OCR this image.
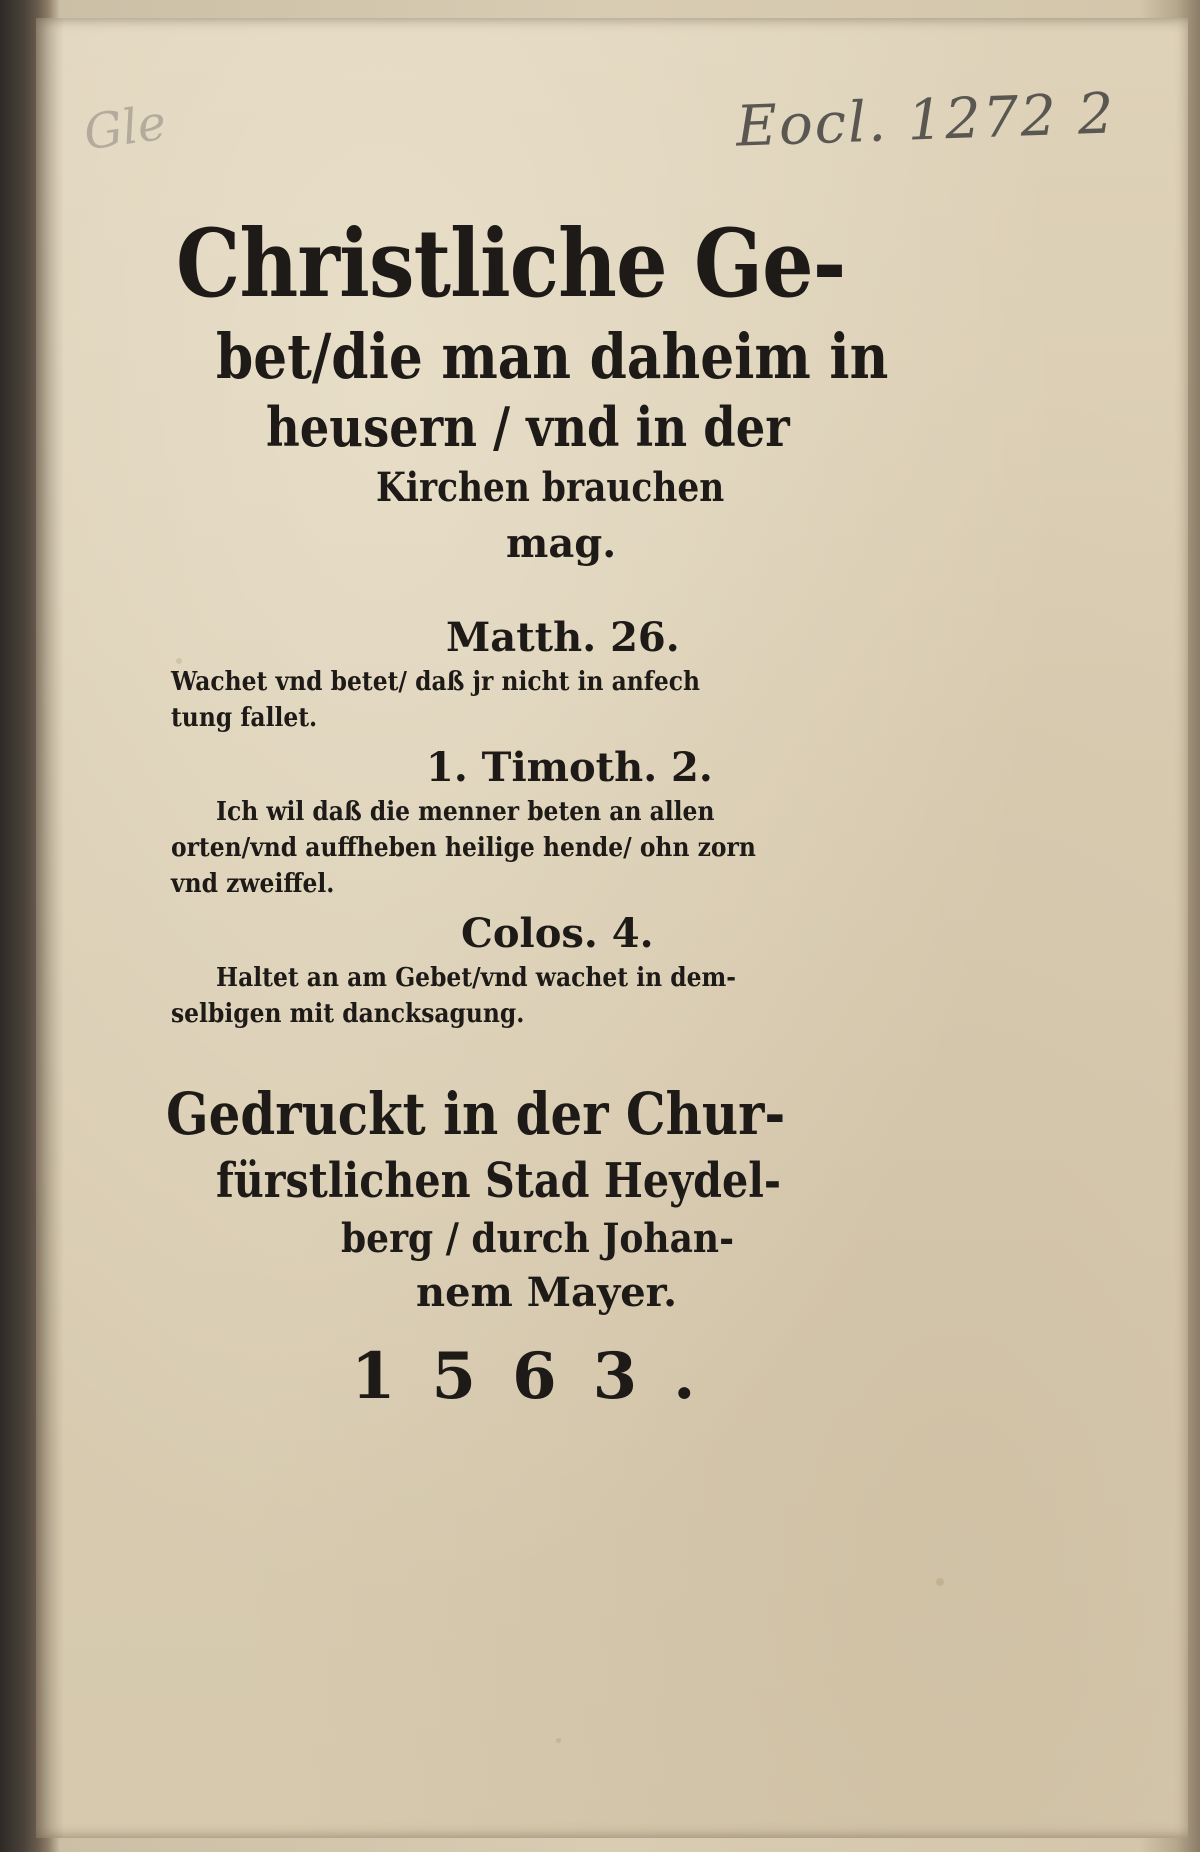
Gle	Eocl. 1272 2
Christliche Ge-
bet/die man daheim in
heusern / vnd in der
Kirchen brauchen
mag.
Matth. 26.
Wachet vnd betet/ daß jr nicht in anfech
tung fallet.
1. Timoth. 2.
Ich wil daß die menner beten an allen
orten/vnd auffheben heilige hende/ ohn zorn
vnd zweiffel.
Colos. 4.
Haltet an am Gebet/vnd wachet in dem-
selbigen mit dancksagung.
Gedruckt in der Chur-
fürstlichen Stad Heydel-
berg / durch Johan-
nem Mayer.
1563.
